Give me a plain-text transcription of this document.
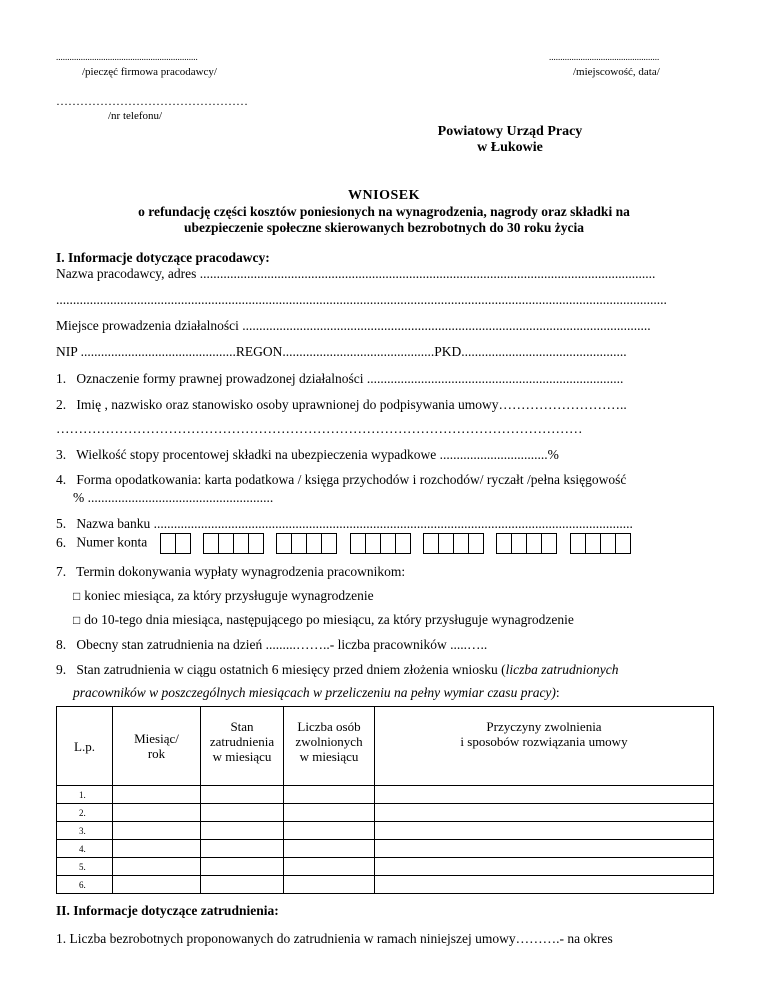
...............................................................
/pieczęć firmowa pracodawcy/
.................................................
/miejscowość, data/
…………………………………………
/nr telefonu/
Powiatowy Urząd Pracy
w Łukowie
WNIOSEK
o refundację części kosztów poniesionych na wynagrodzenia, nagrody oraz składki na
ubezpieczenie społeczne skierowanych bezrobotnych do 30 roku życia
I. Informacje dotyczące pracodawcy:
Nazwa pracodawcy, adres .......................................................................................................................................
.....................................................................................................................................................................................
Miejsce prowadzenia działalności .........................................................................................................................
NIP ..............................................REGON.............................................PKD.................................................
1. Oznaczenie formy prawnej prowadzonej działalności ............................................................................
2. Imię , nazwisko oraz stanowisko osoby uprawnionej do podpisywania umowy………………………..
………………………………………………………………………………………………………
3. Wielkość stopy procentowej składki na ubezpieczenia wypadkowe ................................%
4. Forma opodatkowania: karta podatkowa / księga przychodów i rozchodów/ ryczałt /pełna księgowość
% .......................................................
5. Nazwa banku ..............................................................................................................................................
6. Numer konta
7. Termin dokonywania wypłaty wynagrodzenia pracownikom:
□ koniec miesiąca, za który przysługuje wynagrodzenie
□ do 10-tego dnia miesiąca, następującego po miesiącu, za który przysługuje wynagrodzenie
8. Obecny stan zatrudnienia na dzień .........……..- liczba pracowników .....…..
9. Stan zatrudnienia w ciągu ostatnich 6 miesięcy przed dniem złożenia wniosku (liczba zatrudnionych
pracowników w poszczególnych miesiącach w przeliczeniu na pełny wymiar czasu pracy):
L.p.	Miesiąc/
rok	Stan
zatrudnienia
w miesiącu	Liczba osób
zwolnionych
w miesiącu	Przyczyny zwolnienia
i sposobów rozwiązania umowy
1.				
2.				
3.				
4.				
5.				
6.				
II. Informacje dotyczące zatrudnienia:
1. Liczba bezrobotnych proponowanych do zatrudnienia w ramach niniejszej umowy……….- na okres
